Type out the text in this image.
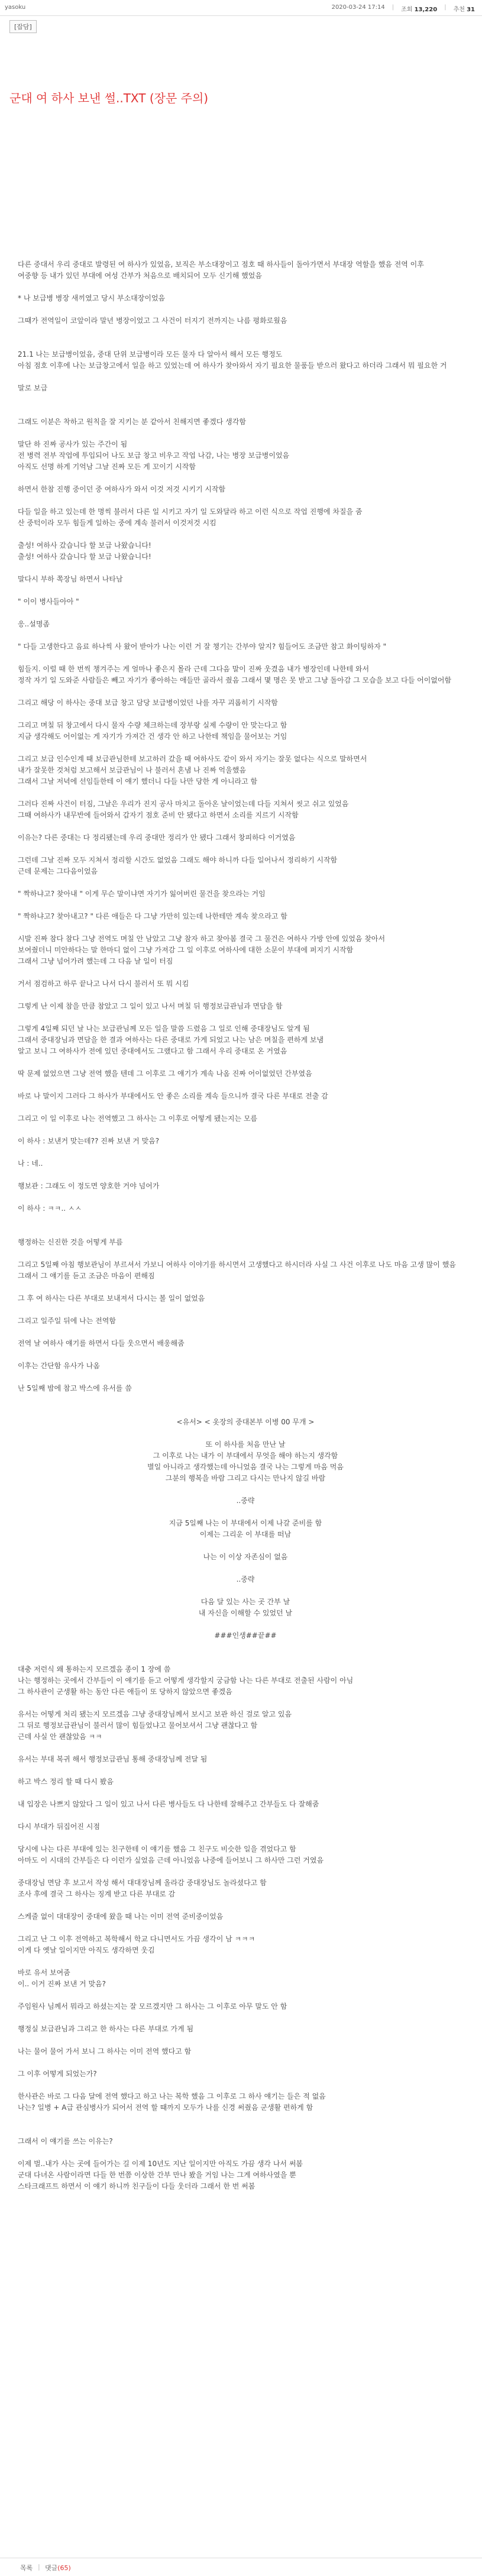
yasoku	2020-03-24 17:14 | 조회 13,220 | 추천 31
[잡담]
군대 여 하사 보낸 썰..TXT (장문 주의)

다른 중대서 우리 중대로 발령된 여 하사가 있었음, 보직은 부소대장이고 점호 때 하사들이 돌아가면서 부대장 역할을 했음 전역 이후

여중향 등 내가 있던 부대에 여성 간부가 처음으로 배치되어 모두 신기해 했었음

* 나 보급병 병장 새끼였고 당시 부소대장이었음

그때가 전역일이 코앞이라 말년 병장이었고 그 사건이 터지기 전까지는 나름 평화로웠음

21.1 나는 보급병이었음, 중대 단위 보급병이라 모든 물자 다 알아서 해서 모든 행정도

아침 점호 이후에 나는 보급창고에서 일을 하고 있었는데 여 하사가 찾아와서 자기 필요한 물품들 받으러 왔다고 하더라 그래서 뭐 필요한 거

말로 보급

그래도 이분은 착하고 원칙을 잘 지키는 분 같아서 친해지면 좋겠다 생각함

말단 하 진짜 공사가 있는 주간이 됨

전 병력 전부 작업에 투입되어 나도 보급 창고 비우고 작업 나감, 나는 병장 보급병이었음

아직도 선명 하게 기억남 그날 진짜 모든 게 꼬이기 시작함

하면서 한참 진행 중이던 중 여하사가 와서 이것 저것 시키기 시작함

다들 일을 하고 있는데 한 명씩 불러서 다른 일 시키고 자기 일 도와달라 하고 이런 식으로 작업 진행에 차질을 줌

산 중턱이라 모두 힘들게 일하는 중에 계속 불러서 이것저것 시킴

출성! 여하사 갔습니다 할 보급 나왔습니다!

출성! 여하사 갔습니다 할 보급 나왔습니다!

말다시 부하 쪽장님 하면서 나타남

" 이이 병사들아아 "

응..설명좀

" 다들 고생한다고 음료 하나씩 사 왔어 받아가 나는 이런 거 잘 챙기는 간부야 알지? 힘들어도 조금만 참고 화이팅하자 "

힘들지. 이럴 때 한 번씩 챙겨주는 게 얼마나 좋은지 몰라 근데 그다음 말이 진짜 웃겼음 내가 병장인데 나한테 와서

정작 자기 일 도와준 사람들은 빼고 자기가 좋아하는 애들만 골라서 줬음 그래서 몇 명은 못 받고 그냥 돌아감 그 모습을 보고 다들 어이없어함

그리고 해당 이 하사는 중대 보급 창고 담당 보급병이었던 나를 자꾸 괴롭히기 시작함

그리고 며칠 뒤 창고에서 다시 물자 수량 체크하는데 장부랑 실제 수량이 안 맞는다고 함

지금 생각해도 어이없는 게 자기가 가져간 건 생각 안 하고 나한테 책임을 물어보는 거임

그리고 보급 인수인계 때 보급관님한테 보고하러 갔을 때 여하사도 같이 와서 자기는 잘못 없다는 식으로 말하면서

내가 잘못한 것처럼 보고해서 보급관님이 나 불러서 혼냄 나 진짜 억울했음

그래서 그날 저녁에 선임들한테 이 얘기 했더니 다들 나만 당한 게 아니라고 함

그러다 진짜 사건이 터짐, 그날은 우리가 진지 공사 마치고 돌아온 날이었는데 다들 지쳐서 씻고 쉬고 있었음

그때 여하사가 내무반에 들어와서 갑자기 점호 준비 안 됐다고 하면서 소리를 지르기 시작함

이유는? 다른 중대는 다 정리됐는데 우리 중대만 정리가 안 됐다 그래서 창피하다 이거였음

그런데 그날 진짜 모두 지쳐서 정리할 시간도 없었음 그래도 해야 하니까 다들 일어나서 정리하기 시작함

근데 문제는 그다음이었음

" 짝하냐고? 찾아내 " 이게 무슨 말이냐면 자기가 잃어버린 물건을 찾으라는 거임

" 짝하냐고? 찾아내고? " 다른 애들은 다 그냥 가만히 있는데 나한테만 계속 찾으라고 함

시발 진짜 참다 참다 그냥 전역도 며칠 안 남았고 그냥 참자 하고 찾아봄 결국 그 물건은 여하사 가방 안에 있었음 찾아서

보여줬더니 미안하다는 말 한마디 없이 그냥 가져감 그 일 이후로 여하사에 대한 소문이 부대에 퍼지기 시작함

그래서 그냥 넘어가려 했는데 그 다음 날 일이 터짐

거서 점검하고 하루 끝나고 나서 다시 불러서 또 뭐 시킴

그렇게 난 이제 참을 만큼 참았고 그 일이 있고 나서 며칠 뒤 행정보급관님과 면담을 함

그렇게 4일째 되던 날 나는 보급관님께 모든 일을 말씀 드렸음 그 일로 인해 중대장님도 알게 됨

그래서 중대장님과 면담을 한 결과 여하사는 다른 중대로 가게 되었고 나는 남은 며칠을 편하게 보냄

알고 보니 그 여하사가 전에 있던 중대에서도 그랬다고 함 그래서 우리 중대로 온 거였음

딱 문제 없었으면 그냥 전역 했을 텐데 그 이후로 그 얘기가 계속 나옴 진짜 어이없었던 간부였음

바로 나 말이지 그러다 그 하사가 부대에서도 안 좋은 소리를 계속 들으니까 결국 다른 부대로 전출 감

그리고 이 일 이후로 나는 전역했고 그 하사는 그 이후로 어떻게 됐는지는 모름

이 하사 : 보낸거 맞는데?? 진짜 보낸 거 맞음?

나 : 네..

행보관 : 그래도 이 정도면 양호한 거야 넘어가

이 하사 : ㅋㅋ.. ㅅㅅ

행정하는 신진한 것을 어떻게 부름

그리고 5일째 아침 행보관님이 부르셔서 가보니 여하사 이야기를 하시면서 고생했다고 하시더라 사실 그 사건 이후로 나도 마음 고생 많이 했음

그래서 그 얘기를 듣고 조금은 마음이 편해짐

그 후 여 하사는 다른 부대로 보내져서 다시는 볼 일이 없었음

그리고 일주일 뒤에 나는 전역함

전역 날 여하사 얘기를 하면서 다들 웃으면서 배웅해줌

이후는 간단함 유사가 나옴

난 5일째 밤에 참고 박스에 유서를 씀

<유서> < 옷장의 중대본부 이병 00 무개 >

또 이 하사를 처음 만난 날

그 이후로 나는 내가 이 부대에서 무엇을 해야 하는지 생각함

별일 아니라고 생각했는데 아니었음 결국 나는 그렇게 마음 먹음

그분의 행복을 바람 그리고 다시는 만나지 않길 바람

..중략

지금 5일째 나는 이 부대에서 이제 나갈 준비를 함

이제는 그리운 이 부대를 떠남

나는 이 이상 자존심이 없음

..중략

다음 달 있는 사는 곳 간부 날

내 자신을 이해할 수 있었던 날

###인생##끝##

대충 저런식 왜 통하는지 모르겠음 종이 1 장에 씀

나는 행정하는 곳에서 간부들이 이 얘기를 듣고 어떻게 생각할지 궁금함 나는 다른 부대로 전출된 사람이 아님

그 하사관이 군생활 하는 동안 다른 애들이 또 당하지 않았으면 좋겠음

유서는 어떻게 처리 됐는지 모르겠음 그냥 중대장님께서 보시고 보관 하신 걸로 알고 있음

그 뒤로 행정보급관님이 불러서 많이 힘들었냐고 물어보셔서 그냥 괜찮다고 함

근데 사실 안 괜찮았음 ㅋㅋ

유서는 부대 복귀 해서 행정보급관님 통해 중대장님께 전달 됨

하고 박스 정리 할 때 다시 봤음

내 입장은 나쁘지 않았다 그 일이 있고 나서 다른 병사들도 다 나한테 잘해주고 간부들도 다 잘해줌

다시 부대가 뒤집어진 시점

당시에 나는 다른 부대에 있는 친구한테 이 얘기를 했음 그 친구도 비슷한 일을 겪었다고 함

아마도 이 시대의 간부들은 다 이런가 싶었음 근데 아니었음 나중에 들어보니 그 하사만 그런 거였음

중대장님 면담 후 보고서 작성 해서 대대장님께 올라감 중대장님도 놀라셨다고 함

조사 후에 결국 그 하사는 징계 받고 다른 부대로 감

스케줄 없이 대대장이 중대에 왔을 때 나는 이미 전역 준비중이었음

그리고 난 그 이후 전역하고 복학해서 학교 다니면서도 가끔 생각이 남 ㅋㅋㅋ

이게 다 옛날 일이지만 아직도 생각하면 웃김

바로 유서 보여줌

이.. 이거 진짜 보낸 거 맞음?

주임원사 님께서 뭐라고 하셨는지는 잘 모르겠지만 그 하사는 그 이후로 아무 말도 안 함

행정실 보급관님과 그리고 한 하사는 다른 부대로 가게 됨

나는 물어 물어 가서 보니 그 하사는 이미 전역 했다고 함

그 이후 어떻게 되었는가?

한사관은 바로 그 다음 달에 전역 했다고 하고 나는 복학 했음 그 이후로 그 하사 얘기는 들은 적 없음

나는? 일병 + A급 관심병사가 되어서 전역 할 때까지 모두가 나를 신경 써줬음 군생활 편하게 함

그래서 이 얘기를 쓰는 이유는?

이제 벌..내가 사는 곳에 들어가는 길 이제 10년도 지난 일이지만 아직도 가끔 생각 나서 써봄

군대 다녀온 사람이라면 다들 한 번쯤 이상한 간부 만나 봤을 거임 나는 그게 여하사였을 뿐

스타크래프트 하면서 이 얘기 하니까 친구들이 다들 웃더라 그래서 한 번 써봄

목록 | 댓글(65)
